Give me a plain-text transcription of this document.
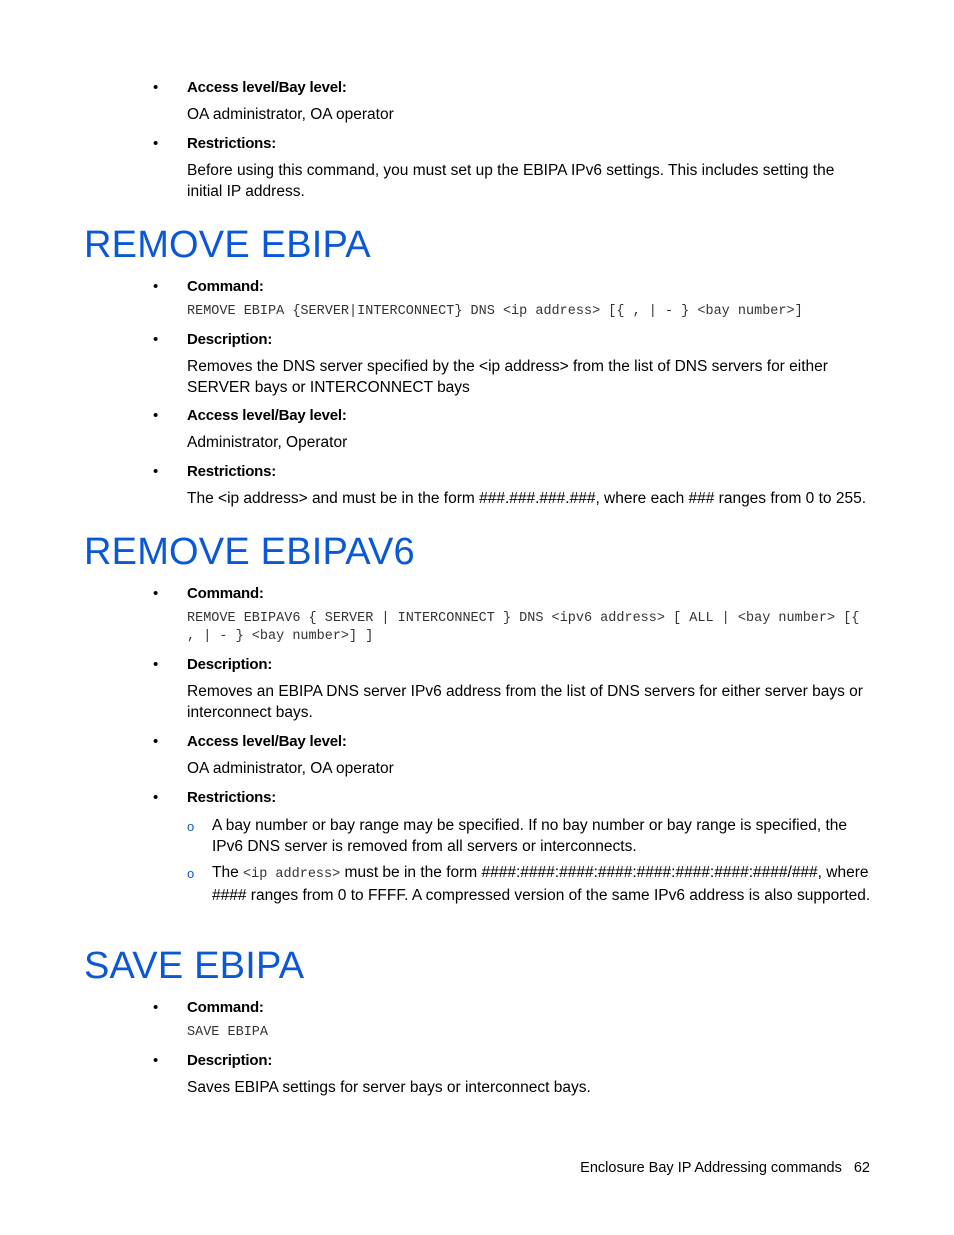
• Access level/Bay level:
OA administrator, OA operator
• Restrictions:
Before using this command, you must set up the EBIPA IPv6 settings. This includes setting the initial IP address.
REMOVE EBIPA
• Command:
REMOVE EBIPA {SERVER|INTERCONNECT} DNS <ip address> [{ , | - } <bay number>]
• Description:
Removes the DNS server specified by the <ip address> from the list of DNS servers for either SERVER bays or INTERCONNECT bays
• Access level/Bay level:
Administrator, Operator
• Restrictions:
The <ip address> and must be in the form ###.###.###.###, where each ### ranges from 0 to 255.
REMOVE EBIPAV6
• Command:
REMOVE EBIPAV6 { SERVER | INTERCONNECT } DNS <ipv6 address> [ ALL | <bay number> [{ , | - } <bay number>] ]
• Description:
Removes an EBIPA DNS server IPv6 address from the list of DNS servers for either server bays or interconnect bays.
• Access level/Bay level:
OA administrator, OA operator
• Restrictions:
o A bay number or bay range may be specified. If no bay number or bay range is specified, the IPv6 DNS server is removed from all servers or interconnects.
o The <ip address> must be in the form ####:####:####:####:####:####:####:####/###, where #### ranges from 0 to FFFF. A compressed version of the same IPv6 address is also supported.
SAVE EBIPA
• Command:
SAVE EBIPA
• Description:
Saves EBIPA settings for server bays or interconnect bays.
Enclosure Bay IP Addressing commands 62
